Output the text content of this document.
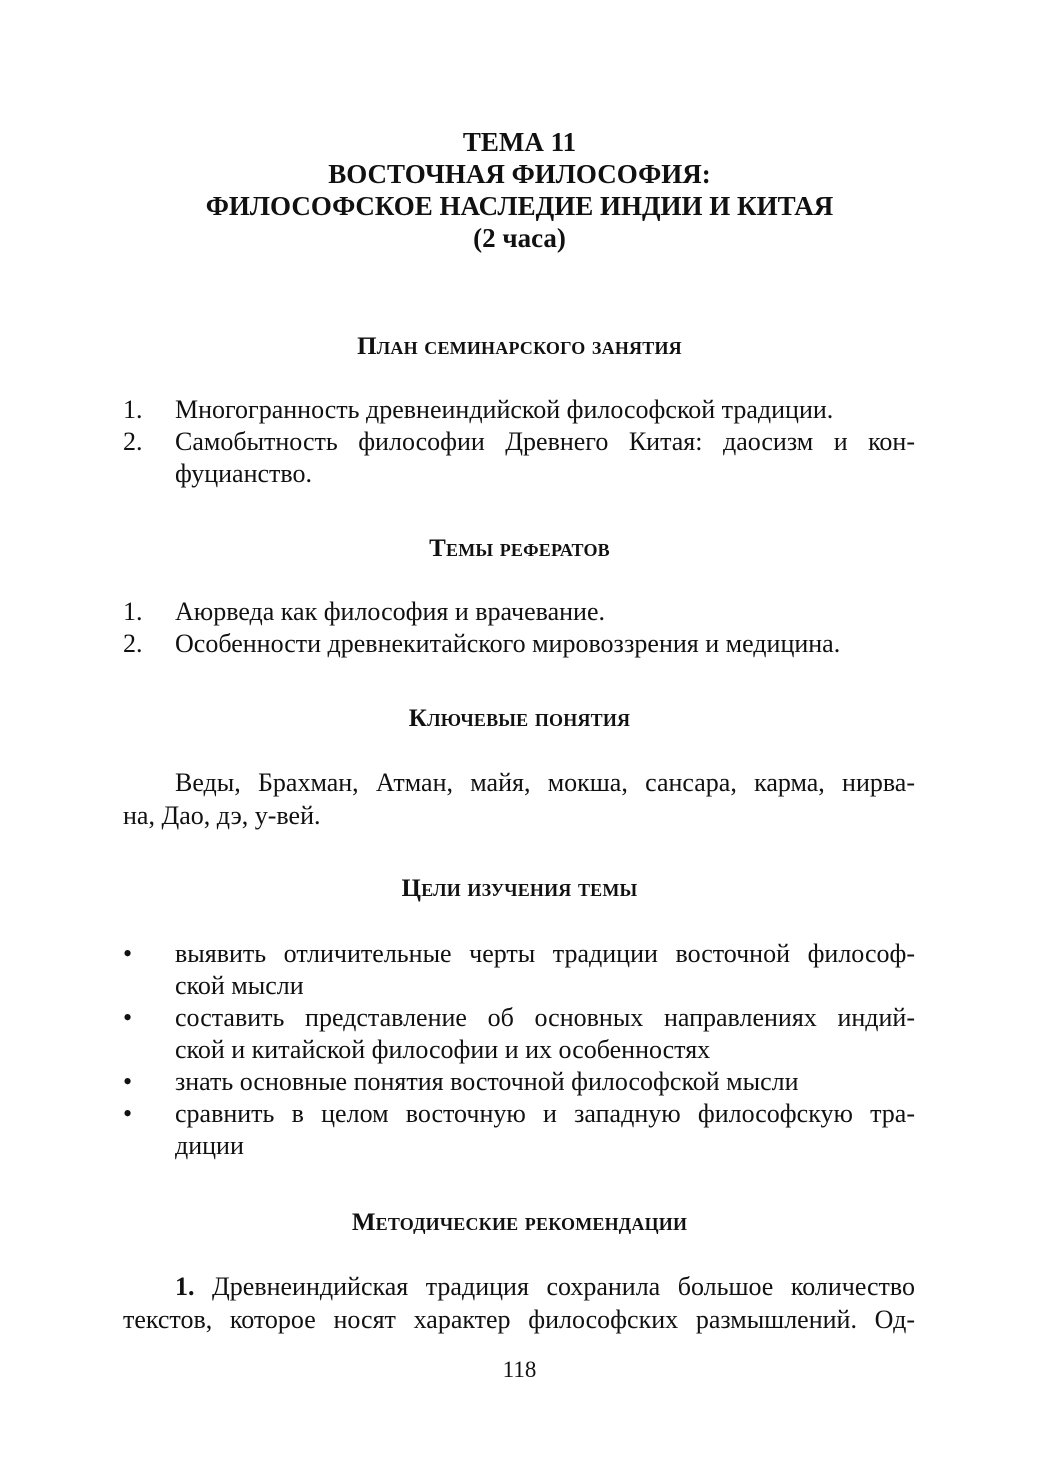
ТЕМА 11
ВОСТОЧНАЯ ФИЛОСОФИЯ:
ФИЛОСОФСКОЕ НАСЛЕДИЕ ИНДИИ И КИТАЯ
(2 часа)
План семинарского занятия
1. Многогранность древнеиндийской философской традиции.
2. Самобытность философии Древнего Китая: даосизм и кон-
фуцианство.
Темы рефератов
1. Аюрведа как философия и врачевание.
2. Особенности древнекитайского мировоззрения и медицина.
Ключевые понятия
Веды, Брахман, Атман, майя, мокша, сансара, карма, нирва-
на, Дао, дэ, у-вей.
Цели изучения темы
• выявить отличительные черты традиции восточной философ-
ской мысли
• составить представление об основных направлениях индий-
ской и китайской философии и их особенностях
• знать основные понятия восточной философской мысли
• сравнить в целом восточную и западную философскую тра-
диции
Методические рекомендации
1. Древнеиндийская традиция сохранила большое количество
текстов, которое носят характер философских размышлений. Од-
118
